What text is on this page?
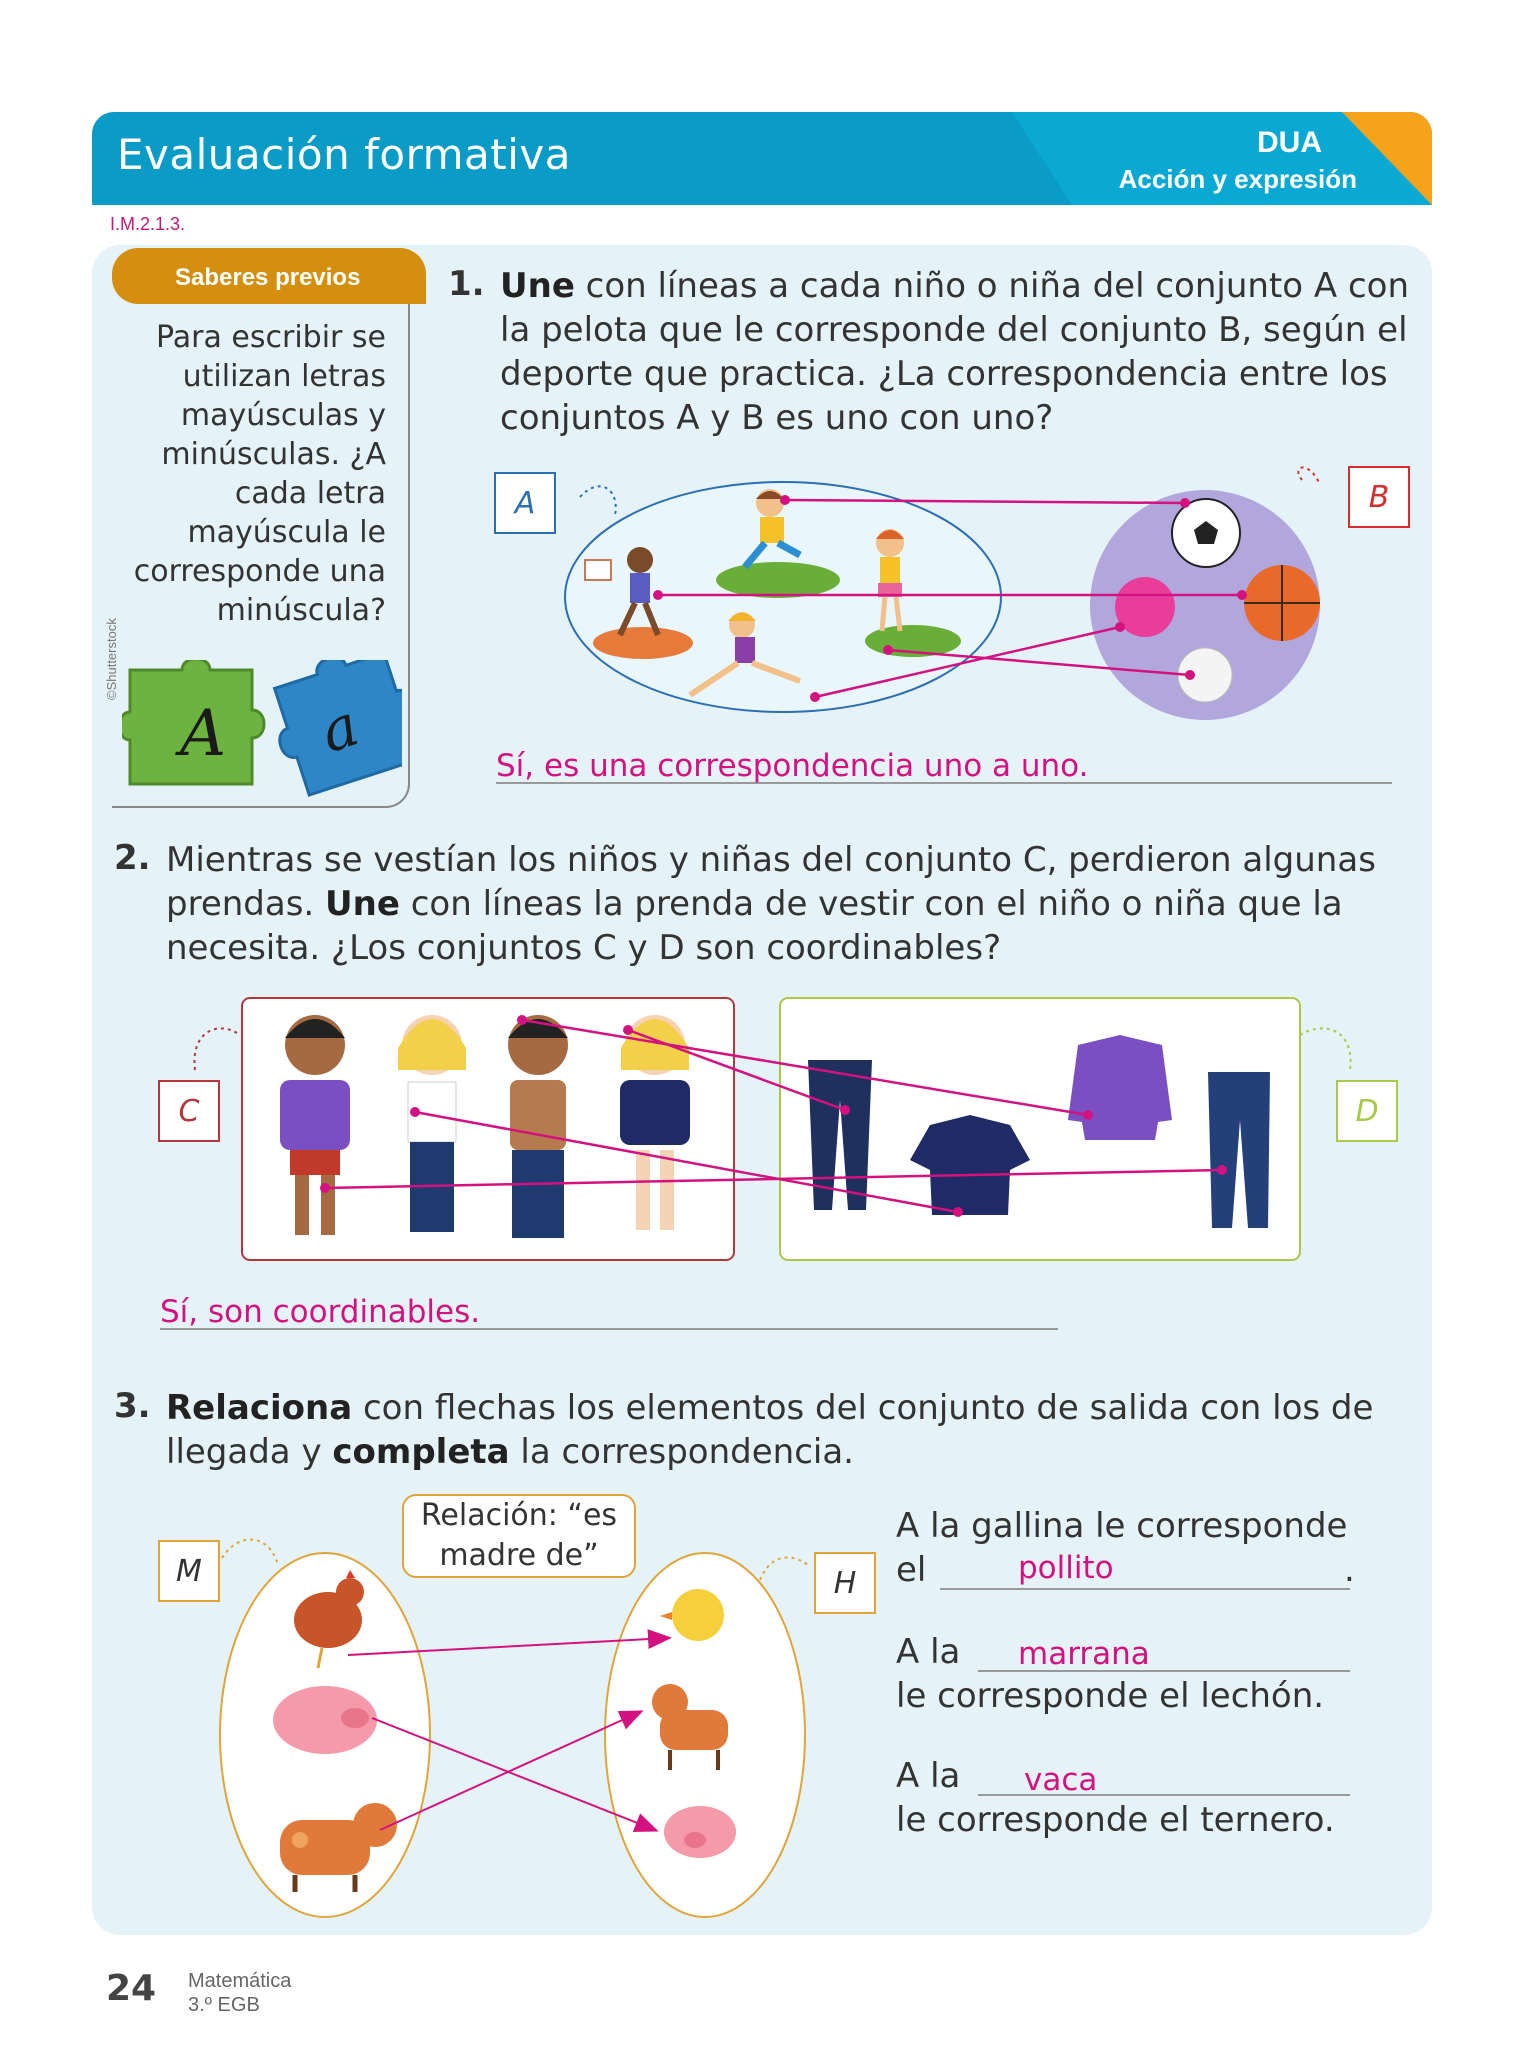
Evaluación formativa	DUA
Acción y expresión
I.M.2.1.3.
Saberes previos
Para escribir se utilizan letras mayúsculas y minúsculas. ¿A cada letra mayúscula le corresponde una minúscula?
©Shutterstock
A a
1. Une con líneas a cada niño o niña del conjunto A con la pelota que le corresponde del conjunto B, según el deporte que practica. ¿La correspondencia entre los conjuntos A y B es uno con uno?
A	B
Sí, es una correspondencia uno a uno.
2. Mientras se vestían los niños y niñas del conjunto C, perdieron algunas prendas. Une con líneas la prenda de vestir con el niño o niña que la necesita. ¿Los conjuntos C y D son coordinables?
C	D
Sí, son coordinables.
3. Relaciona con flechas los elementos del conjunto de salida con los de llegada y completa la correspondencia.
Relación: “es madre de”
M	H
A la gallina le corresponde
el	pollito	.
A la marrana
le corresponde el lechón.
A la vaca
le corresponde el ternero.
24 Matemática
3.º EGB
